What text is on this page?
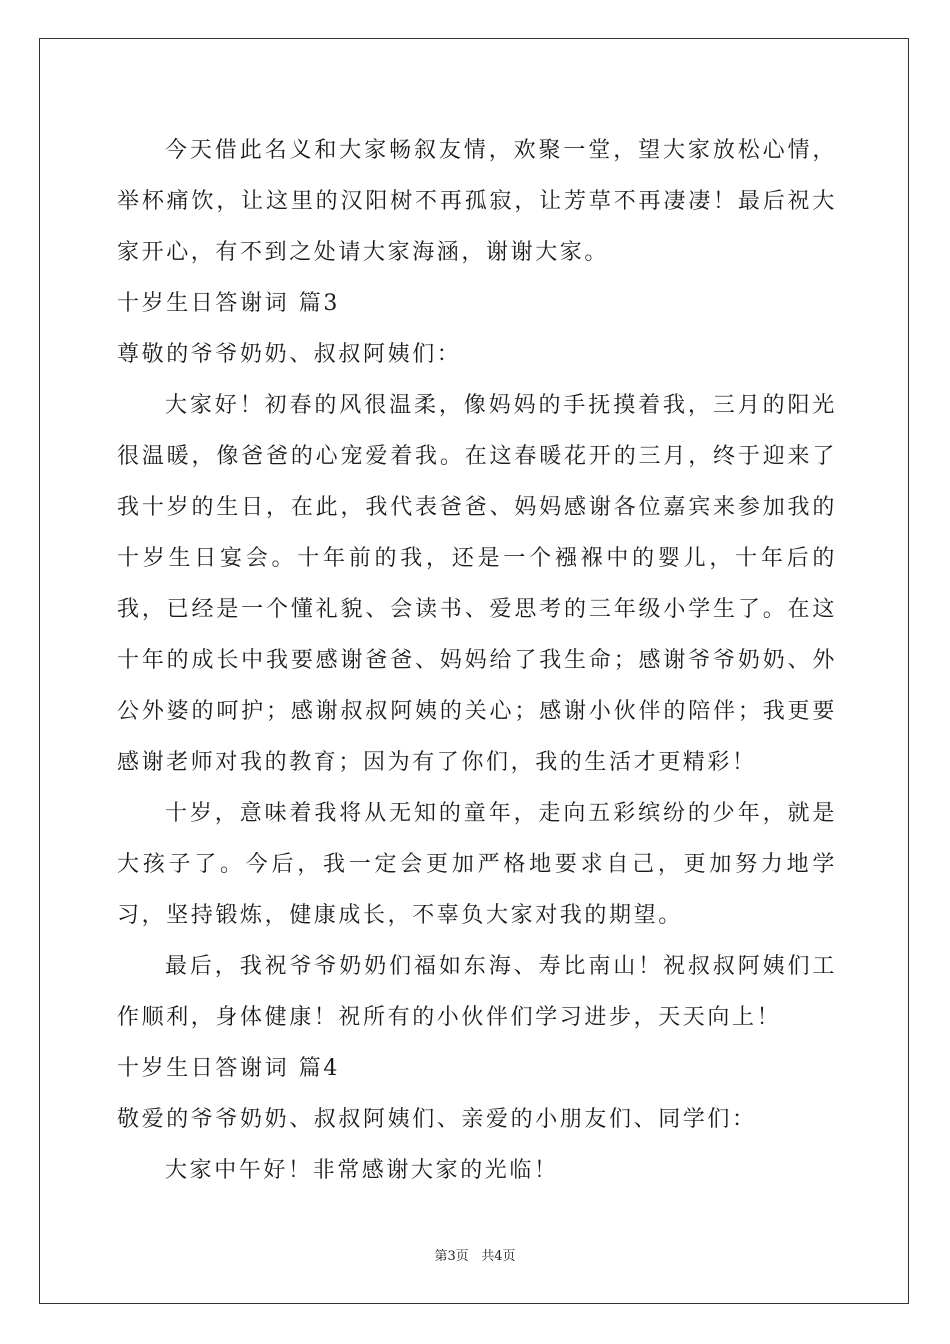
今天借此名义和大家畅叙友情，欢聚一堂，望大家放松心情，举杯痛饮，让这里的汉阳树不再孤寂，让芳草不再凄凄！最后祝大家开心，有不到之处请大家海涵，谢谢大家。

十岁生日答谢词 篇3

尊敬的爷爷奶奶、叔叔阿姨们：

大家好！初春的风很温柔，像妈妈的手抚摸着我，三月的阳光很温暖，像爸爸的心宠爱着我。在这春暖花开的三月，终于迎来了我十岁的生日，在此，我代表爸爸、妈妈感谢各位嘉宾来参加我的十岁生日宴会。十年前的我，还是一个襁褓中的婴儿，十年后的我，已经是一个懂礼貌、会读书、爱思考的三年级小学生了。在这十年的成长中我要感谢爸爸、妈妈给了我生命；感谢爷爷奶奶、外公外婆的呵护；感谢叔叔阿姨的关心；感谢小伙伴的陪伴；我更要感谢老师对我的教育；因为有了你们，我的生活才更精彩！

十岁，意味着我将从无知的童年，走向五彩缤纷的少年，就是大孩子了。今后，我一定会更加严格地要求自己，更加努力地学习，坚持锻炼，健康成长，不辜负大家对我的期望。

最后，我祝爷爷奶奶们福如东海、寿比南山！祝叔叔阿姨们工作顺利，身体健康！祝所有的小伙伴们学习进步，天天向上！

十岁生日答谢词 篇4

敬爱的爷爷奶奶、叔叔阿姨们、亲爱的小朋友们、同学们：

大家中午好！非常感谢大家的光临！

第3页 共4页
